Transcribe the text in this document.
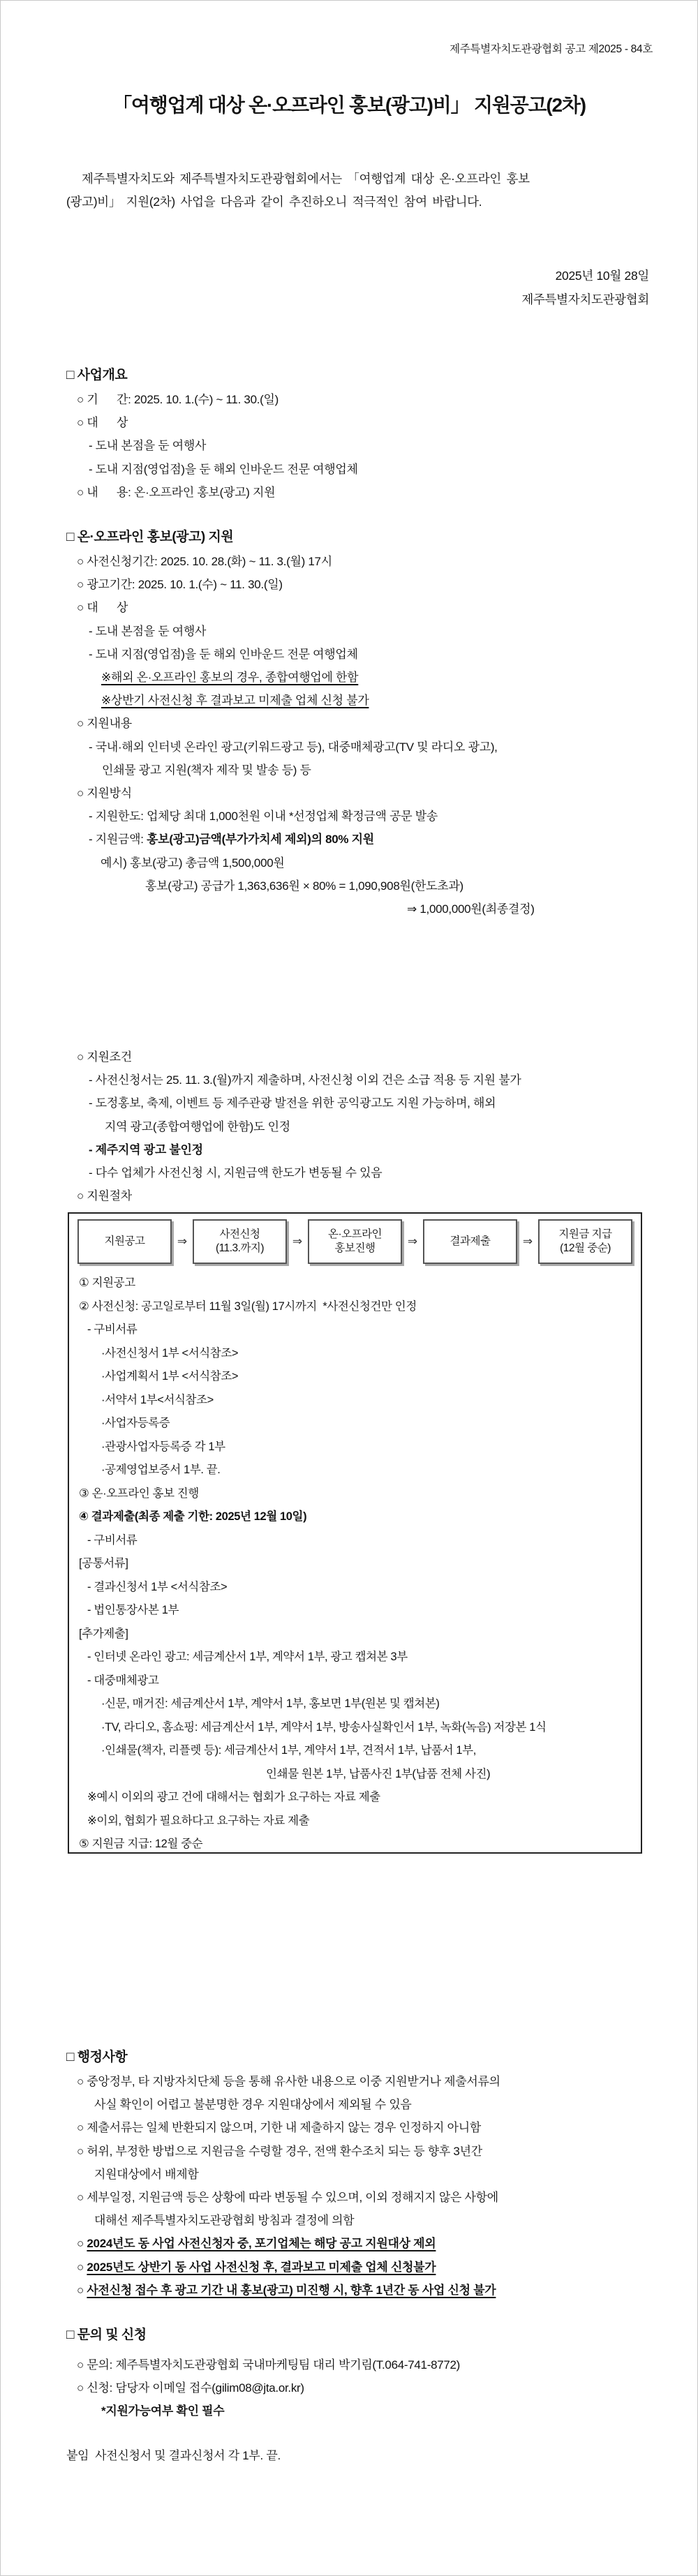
제주특별자치도관광협회 공고 제2025 - 84호
「여행업계 대상 온·오프라인 홍보(광고)비」 지원공고(2차)
제주특별자치도와 제주특별자치도관광협회에서는 「여행업계 대상 온·오프라인 홍보
(광고)비」 지원(2차) 사업을 다음과 같이 추진하오니 적극적인 참여 바랍니다.
2025년 10월 28일
제주특별자치도관광협회
□ 사업개요
○ 기      간: 2025. 10. 1.(수) ~ 11. 30.(일)
○ 대      상
- 도내 본점을 둔 여행사
- 도내 지점(영업점)을 둔 해외 인바운드 전문 여행업체
○ 내      용: 온·오프라인 홍보(광고) 지원
□ 온·오프라인 홍보(광고) 지원
○ 사전신청기간: 2025. 10. 28.(화) ~ 11. 3.(월) 17시
○ 광고기간: 2025. 10. 1.(수) ~ 11. 30.(일)
○ 대      상
- 도내 본점을 둔 여행사
- 도내 지점(영업점)을 둔 해외 인바운드 전문 여행업체
※해외 온·오프라인 홍보의 경우, 종합여행업에 한함
※상반기 사전신청 후 결과보고 미제출 업체 신청 불가
○ 지원내용
- 국내·해외 인터넷 온라인 광고(키워드광고 등), 대중매체광고(TV 및 라디오 광고),
인쇄물 광고 지원(책자 제작 및 발송 등) 등
○ 지원방식
- 지원한도: 업체당 최대 1,000천원 이내 *선정업체 확정금액 공문 발송
- 지원금액: 홍보(광고)금액(부가가치세 제외)의 80% 지원
예시) 홍보(광고) 총금액 1,500,000원
홍보(광고) 공급가 1,363,636원 × 80% = 1,090,908원(한도초과)
⇒ 1,000,000원(최종결정)
○ 지원조건
- 사전신청서는 25. 11. 3.(월)까지 제출하며, 사전신청 이외 건은 소급 적용 등 지원 불가
- 도정홍보, 축제, 이벤트 등 제주관광 발전을 위한 공익광고도 지원 가능하며, 해외
지역 광고(종합여행업에 한함)도 인정
- 제주지역 광고 불인정
- 다수 업체가 사전신청 시, 지원금액 한도가 변동될 수 있음
○ 지원절차
지원공고	⇒
사전신청
(11.3.까지)
⇒
온·오프라인
홍보진행
⇒	결과제출	⇒
지원금 지급
(12월 중순)
① 지원공고
② 사전신청: 공고일로부터 11월 3일(월) 17시까지  *사전신청건만 인정
- 구비서류
·사전신청서 1부 <서식참조>
·사업계획서 1부 <서식참조>
·서약서 1부<서식참조>
·사업자등록증
·관광사업자등록증 각 1부
·공제영업보증서 1부. 끝.
③ 온·오프라인 홍보 진행
④ 결과제출(최종 제출 기한: 2025년 12월 10일)
- 구비서류
[공통서류]
- 결과신청서 1부 <서식참조>
- 법인통장사본 1부
[추가제출]
- 인터넷 온라인 광고: 세금계산서 1부, 계약서 1부, 광고 캡쳐본 3부
- 대중매체광고
·신문, 매거진: 세금계산서 1부, 계약서 1부, 홍보면 1부(원본 및 캡쳐본)
·TV, 라디오, 홈쇼핑: 세금계산서 1부, 계약서 1부, 방송사실확인서 1부, 녹화(녹음) 저장본 1식
·인쇄물(책자, 리플렛 등): 세금계산서 1부, 계약서 1부, 견적서 1부, 납품서 1부,
인쇄물 원본 1부, 납품사진 1부(납품 전체 사진)
※예시 이외의 광고 건에 대해서는 협회가 요구하는 자료 제출
※이외, 협회가 필요하다고 요구하는 자료 제출
⑤ 지원금 지급: 12월 중순
□ 행정사항
○ 중앙정부, 타 지방자치단체 등을 통해 유사한 내용으로 이중 지원받거나 제출서류의
사실 확인이 어렵고 불분명한 경우 지원대상에서 제외될 수 있음
○ 제출서류는 일체 반환되지 않으며, 기한 내 제출하지 않는 경우 인정하지 아니함
○ 허위, 부정한 방법으로 지원금을 수령할 경우, 전액 환수조치 되는 등 향후 3년간
지원대상에서 배제함
○ 세부일정, 지원금액 등은 상황에 따라 변동될 수 있으며, 이외 정해지지 않은 사항에
대해선 제주특별자치도관광협회 방침과 결정에 의함
○ 2024년도 동 사업 사전신청자 중, 포기업체는 해당 공고 지원대상 제외
○ 2025년도 상반기 동 사업 사전신청 후, 결과보고 미제출 업체 신청불가
○ 사전신청 접수 후 광고 기간 내 홍보(광고) 미진행 시, 향후 1년간 동 사업 신청 불가
□ 문의 및 신청
○ 문의: 제주특별자치도관광협회 국내마케팅팀 대리 박기림(T.064-741-8772)
○ 신청: 담당자 이메일 접수(gilim08@jta.or.kr)
*지원가능여부 확인 필수
붙임  사전신청서 및 결과신청서 각 1부. 끝.
